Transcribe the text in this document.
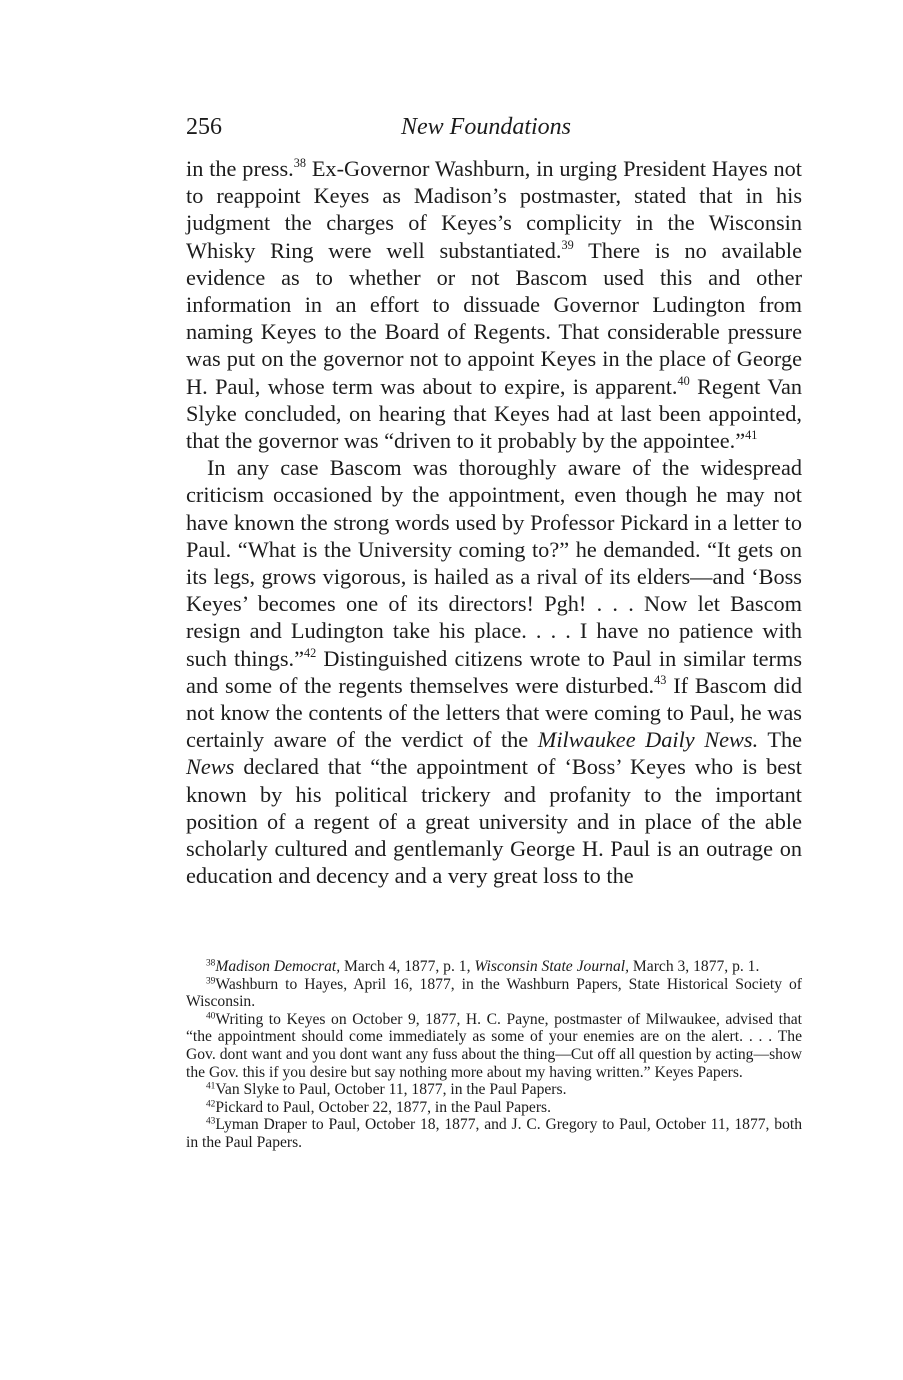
256	New Foundations

in the press.$^{38}$ Ex-Governor Washburn, in urging President Hayes not to reappoint Keyes as Madison’s postmaster, stated that in his judgment the charges of Keyes’s complicity in the Wisconsin Whisky Ring were well substantiated.$^{39}$ There is no available evidence as to whether or not Bascom used this and other information in an effort to dissuade Governor Ludington from naming Keyes to the Board of Regents. That considerable pressure was put on the governor not to appoint Keyes in the place of George H. Paul, whose term was about to expire, is apparent.$^{40}$ Regent Van Slyke concluded, on hearing that Keyes had at last been appointed, that the governor was “driven to it probably by the appointee.”$^{41}$

In any case Bascom was thoroughly aware of the widespread criticism occasioned by the appointment, even though he may not have known the strong words used by Professor Pickard in a letter to Paul. “What is the University coming to?” he demanded. “It gets on its legs, grows vigorous, is hailed as a rival of its elders—and ‘Boss Keyes’ becomes one of its directors! Pgh! . . . Now let Bascom resign and Ludington take his place. . . . I have no patience with such things.”$^{42}$ Distinguished citizens wrote to Paul in similar terms and some of the regents themselves were disturbed.$^{43}$ If Bascom did not know the contents of the letters that were coming to Paul, he was certainly aware of the verdict of the Milwaukee Daily News. The News declared that “the appointment of ‘Boss’ Keyes who is best known by his political trickery and profanity to the important position of a regent of a great university and in place of the able scholarly cultured and gentlemanly George H. Paul is an outrage on education and decency and a very great loss to the

$^{38}$Madison Democrat, March 4, 1877, p. 1, Wisconsin State Journal, March 3, 1877, p. 1.

$^{39}$Washburn to Hayes, April 16, 1877, in the Washburn Papers, State Historical Society of Wisconsin.

$^{40}$Writing to Keyes on October 9, 1877, H. C. Payne, postmaster of Milwaukee, advised that “the appointment should come immediately as some of your enemies are on the alert. . . . The Gov. dont want and you dont want any fuss about the thing—Cut off all question by acting—show the Gov. this if you desire but say nothing more about my having written.” Keyes Papers.

$^{41}$Van Slyke to Paul, October 11, 1877, in the Paul Papers.

$^{42}$Pickard to Paul, October 22, 1877, in the Paul Papers.

$^{43}$Lyman Draper to Paul, October 18, 1877, and J. C. Gregory to Paul, October 11, 1877, both in the Paul Papers.
